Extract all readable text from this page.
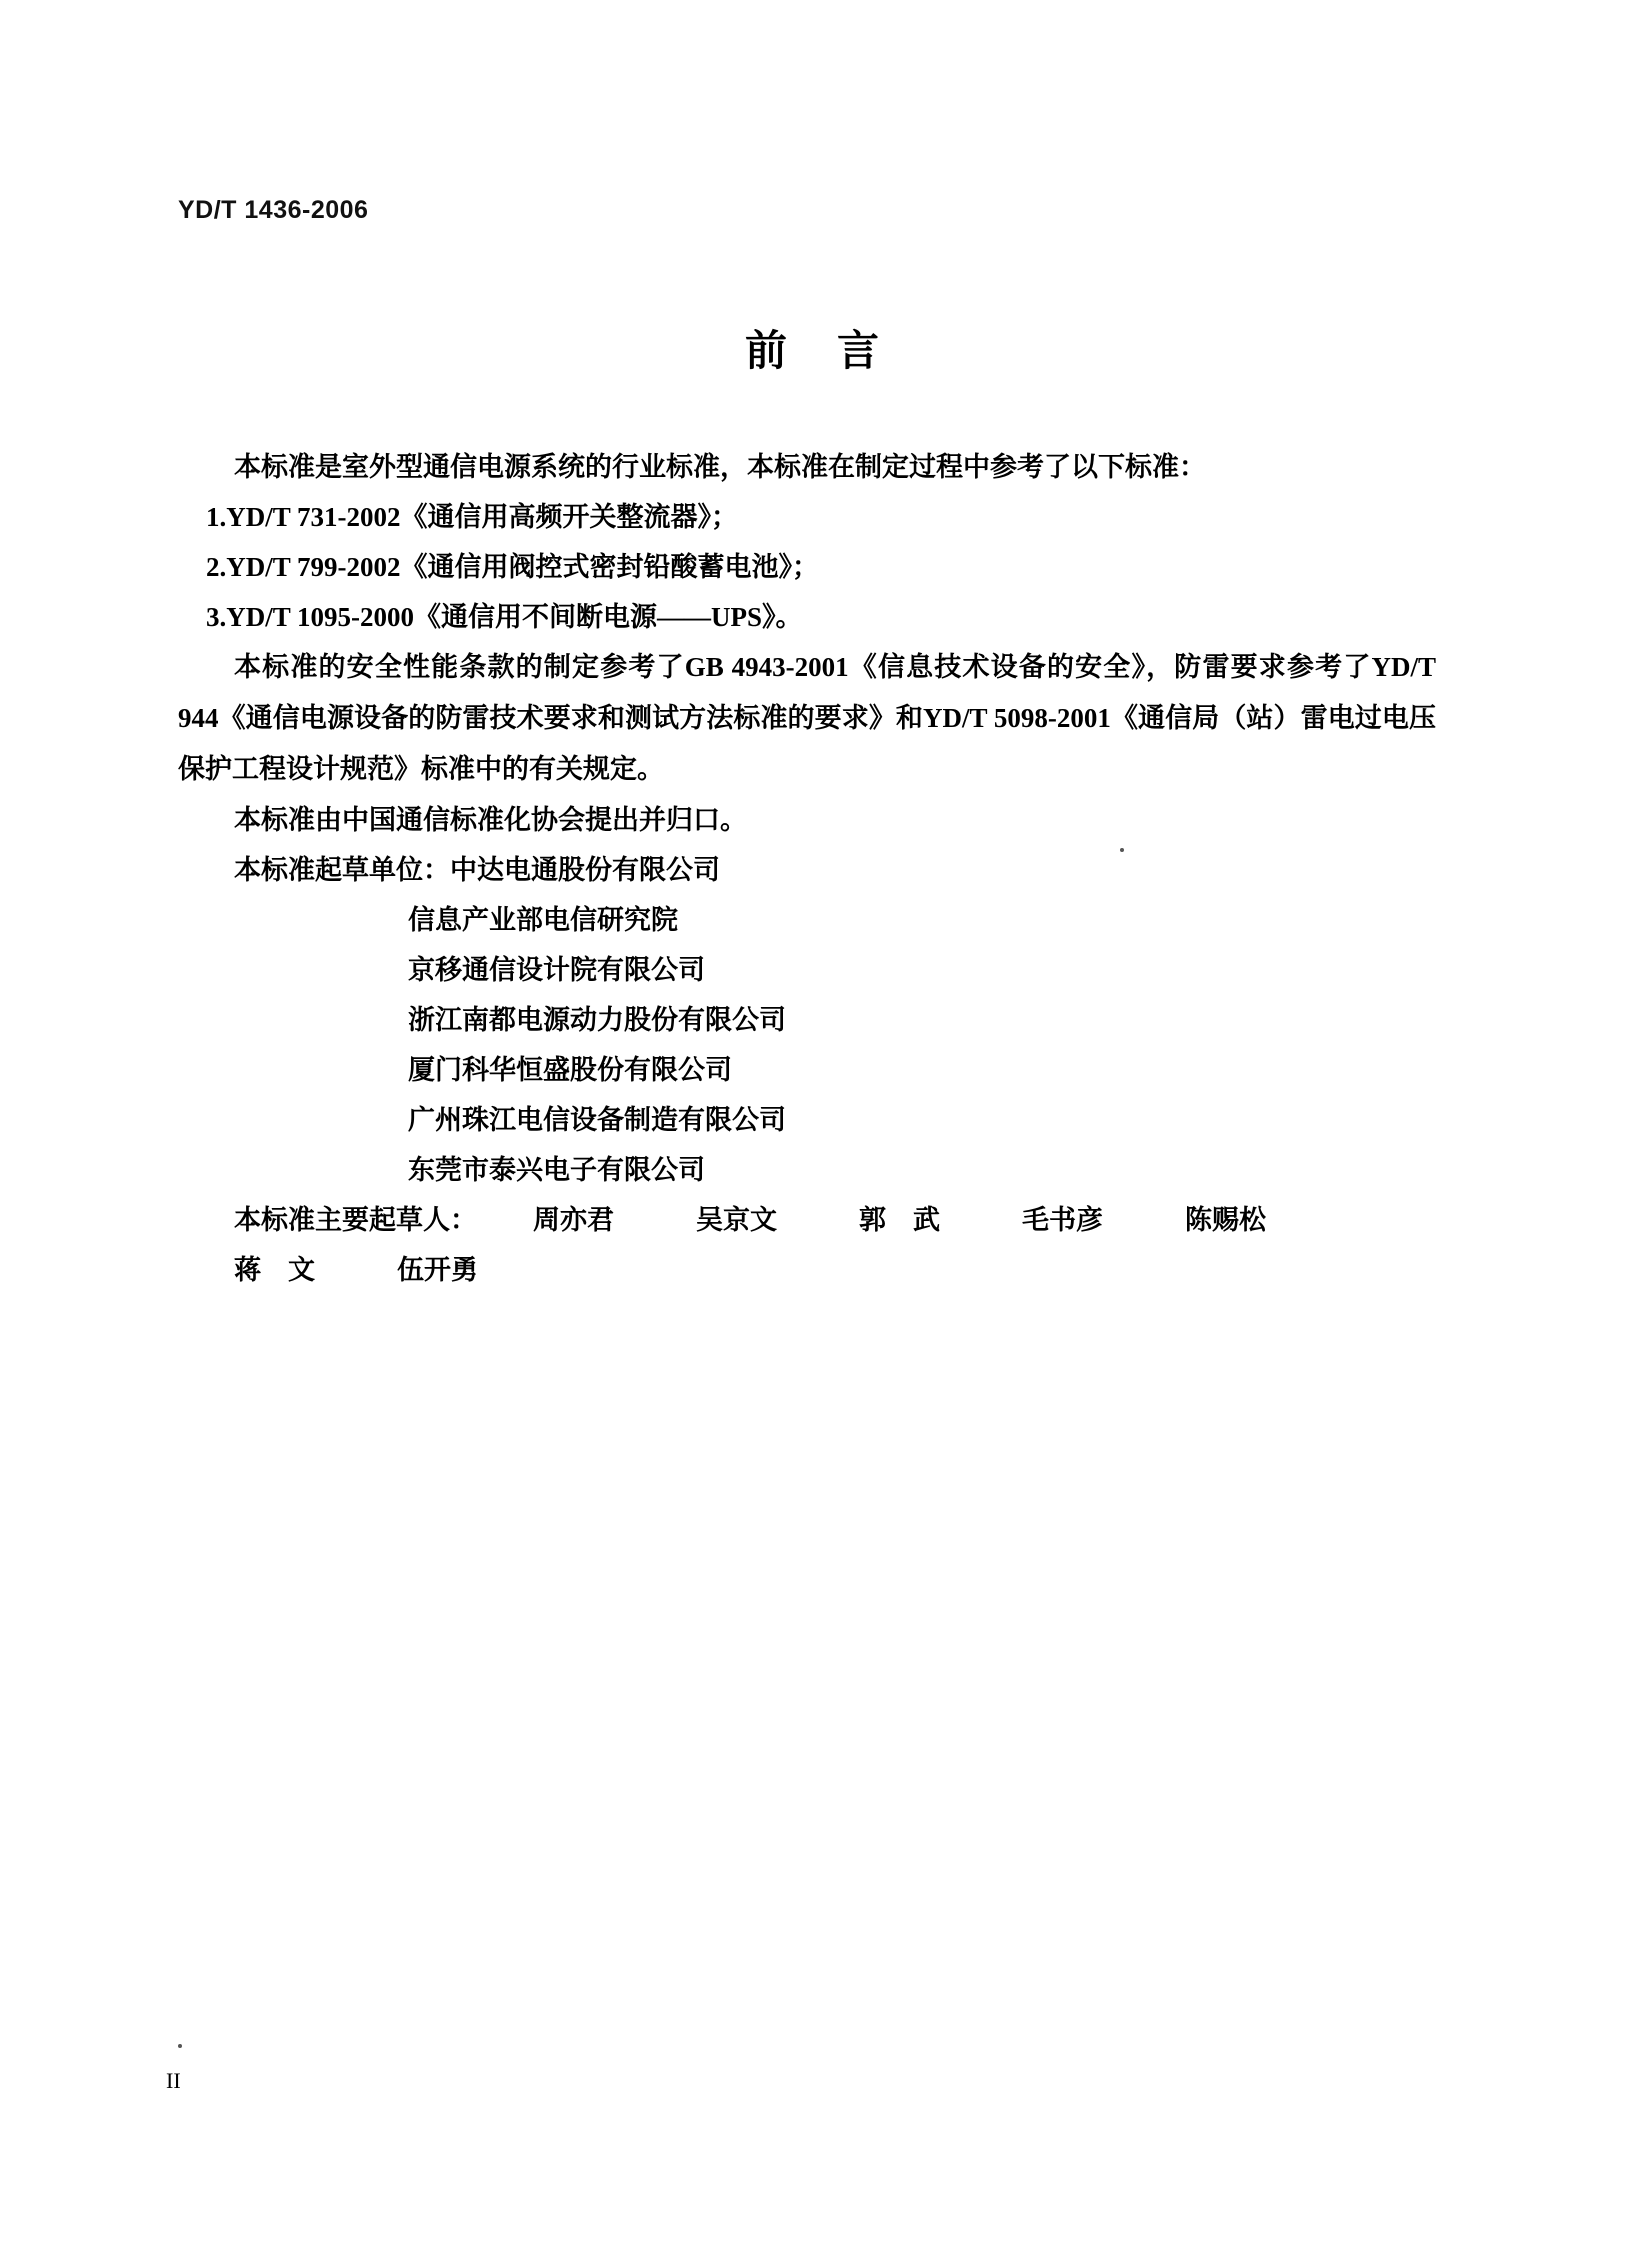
YD/T 1436-2006
前 言

本标准是室外型通信电源系统的行业标准，本标准在制定过程中参考了以下标准：

1.YD/T 731-2002《通信用高频开关整流器》；

2.YD/T 799-2002《通信用阀控式密封铅酸蓄电池》；

3.YD/T 1095-2000《通信用不间断电源——UPS》。

本标准的安全性能条款的制定参考了GB 4943-2001《信息技术设备的安全》，防雷要求参考了YD/T 944《通信电源设备的防雷技术要求和测试方法标准的要求》和YD/T 5098-2001《通信局（站）雷电过电压保护工程设计规范》标准中的有关规定。

本标准由中国通信标准化协会提出并归口。

本标准起草单位：中达电通股份有限公司

信息产业部电信研究院

京移通信设计院有限公司

浙江南都电源动力股份有限公司

厦门科华恒盛股份有限公司

广州珠江电信设备制造有限公司

东莞市泰兴电子有限公司

本标准主要起草人： 周亦君	吴京文	郭　武	毛书彦	陈赐松蒋　文	伍开勇

II
